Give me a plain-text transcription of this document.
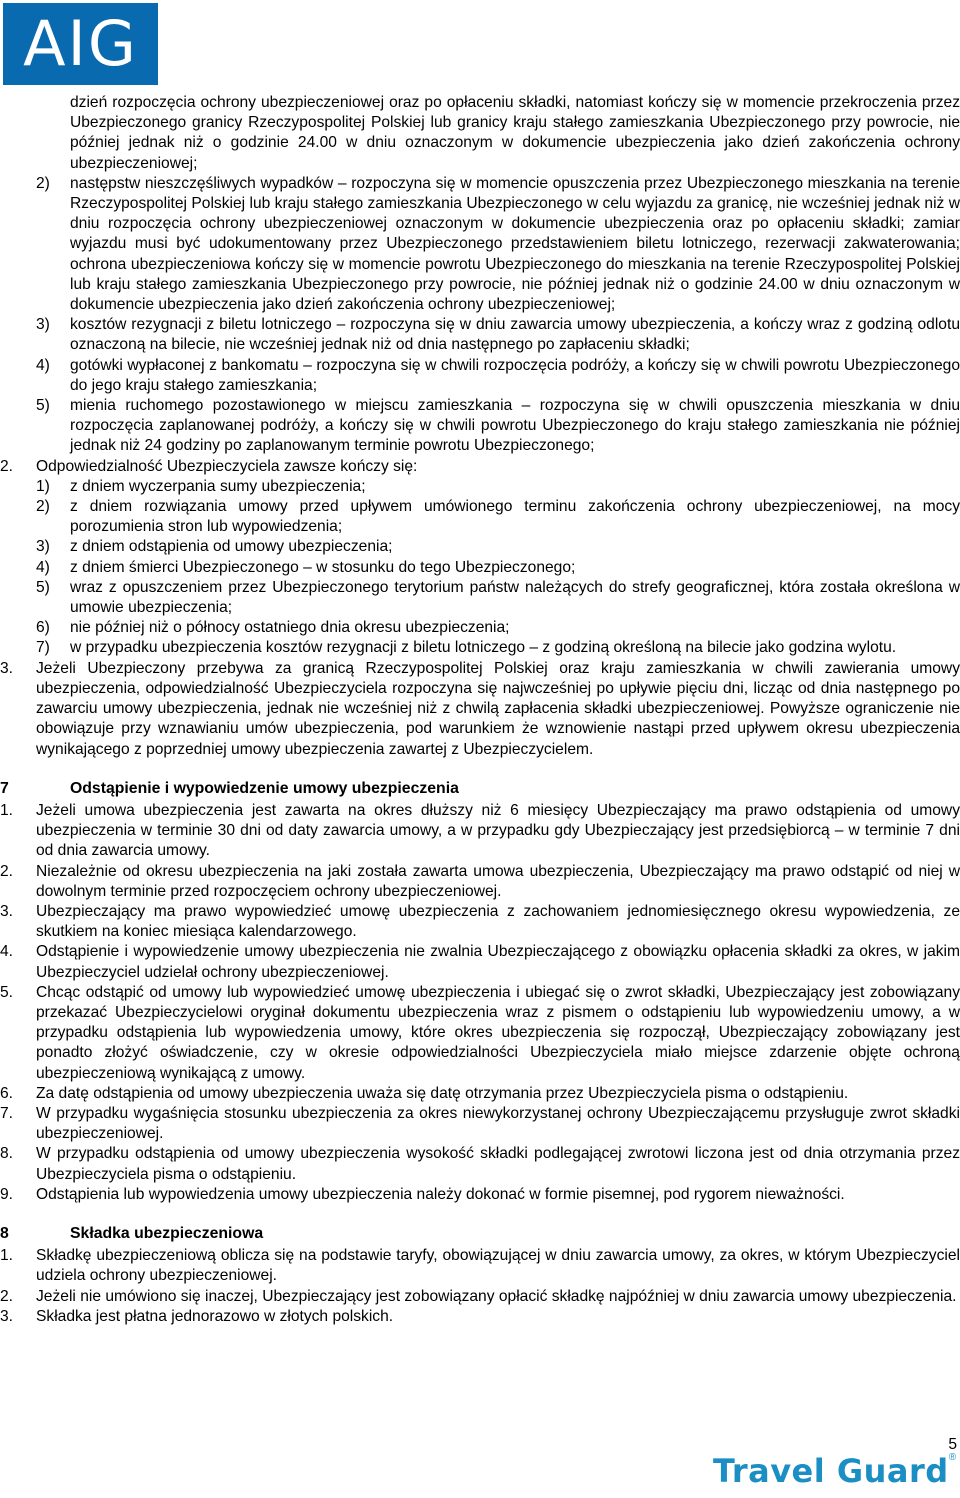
AIG
dzień rozpoczęcia ochrony ubezpieczeniowej oraz po opłaceniu składki, natomiast kończy się w momencie przekroczenia przez Ubezpieczonego granicy Rzeczypospolitej Polskiej lub granicy kraju stałego zamieszkania Ubezpieczonego przy powrocie, nie później jednak niż o godzinie 24.00 w dniu oznaczonym w dokumencie ubezpieczenia jako dzień zakończenia ochrony ubezpieczeniowej;
2)	następstw nieszczęśliwych wypadków – rozpoczyna się w momencie opuszczenia przez Ubezpieczonego mieszkania na terenie Rzeczypospolitej Polskiej lub kraju stałego zamieszkania Ubezpieczonego w celu wyjazdu za granicę, nie wcześniej jednak niż w dniu rozpoczęcia ochrony ubezpieczeniowej oznaczonym w dokumencie ubezpieczenia oraz po opłaceniu składki; zamiar wyjazdu musi być udokumentowany przez Ubezpieczonego przedstawieniem biletu lotniczego, rezerwacji zakwaterowania; ochrona ubezpieczeniowa kończy się w momencie powrotu Ubezpieczonego do mieszkania na terenie Rzeczypospolitej Polskiej lub kraju stałego zamieszkania Ubezpieczonego przy powrocie, nie później jednak niż o godzinie 24.00 w dniu oznaczonym w dokumencie ubezpieczenia jako dzień zakończenia ochrony ubezpieczeniowej;
3)	kosztów rezygnacji z biletu lotniczego – rozpoczyna się w dniu zawarcia umowy ubezpieczenia, a kończy wraz z godziną odlotu oznaczoną na bilecie, nie wcześniej jednak niż od dnia następnego po zapłaceniu składki;
4)	gotówki wypłaconej z bankomatu – rozpoczyna się w chwili rozpoczęcia podróży, a kończy się w chwili powrotu Ubezpieczonego do jego kraju stałego zamieszkania;
5)	mienia ruchomego pozostawionego w miejscu zamieszkania – rozpoczyna się w chwili opuszczenia mieszkania w dniu rozpoczęcia zaplanowanej podróży, a kończy się w chwili powrotu Ubezpieczonego do kraju stałego zamieszkania nie później jednak niż 24 godziny po zaplanowanym terminie powrotu Ubezpieczonego;
2.	Odpowiedzialność Ubezpieczyciela zawsze kończy się:
1)	z dniem wyczerpania sumy ubezpieczenia;
2)	z dniem rozwiązania umowy przed upływem umówionego terminu zakończenia ochrony ubezpieczeniowej, na mocy porozumienia stron lub wypowiedzenia;
3)	z dniem odstąpienia od umowy ubezpieczenia;
4)	z dniem śmierci Ubezpieczonego – w stosunku do tego Ubezpieczonego;
5)	wraz z opuszczeniem przez Ubezpieczonego terytorium państw należących do strefy geograficznej, która została określona w umowie ubezpieczenia;
6)	nie później niż o północy ostatniego dnia okresu ubezpieczenia;
7)	w przypadku ubezpieczenia kosztów rezygnacji z biletu lotniczego – z godziną określoną na bilecie jako godzina wylotu.
3.	Jeżeli Ubezpieczony przebywa za granicą Rzeczypospolitej Polskiej oraz kraju zamieszkania w chwili zawierania umowy ubezpieczenia, odpowiedzialność Ubezpieczyciela rozpoczyna się najwcześniej po upływie pięciu dni, licząc od dnia następnego po zawarciu umowy ubezpieczenia, jednak nie wcześniej niż z chwilą zapłacenia składki ubezpieczeniowej. Powyższe ograniczenie nie obowiązuje przy wznawianiu umów ubezpieczenia, pod warunkiem że wznowienie nastąpi przed upływem okresu ubezpieczenia wynikającego z poprzedniej umowy ubezpieczenia zawartej z Ubezpieczycielem.
7	Odstąpienie i wypowiedzenie umowy ubezpieczenia
1.	Jeżeli umowa ubezpieczenia jest zawarta na okres dłuższy niż 6 miesięcy Ubezpieczający ma prawo odstąpienia od umowy ubezpieczenia w terminie 30 dni od daty zawarcia umowy, a w przypadku gdy Ubezpieczający jest przedsiębiorcą – w terminie 7 dni od dnia zawarcia umowy.
2.	Niezależnie od okresu ubezpieczenia na jaki została zawarta umowa ubezpieczenia, Ubezpieczający ma prawo odstąpić od niej w dowolnym terminie przed rozpoczęciem ochrony ubezpieczeniowej.
3.	Ubezpieczający ma prawo wypowiedzieć umowę ubezpieczenia z zachowaniem jednomiesięcznego okresu wypowiedzenia, ze skutkiem na koniec miesiąca kalendarzowego.
4.	Odstąpienie i wypowiedzenie umowy ubezpieczenia nie zwalnia Ubezpieczającego z obowiązku opłacenia składki za okres, w jakim Ubezpieczyciel udzielał ochrony ubezpieczeniowej.
5.	Chcąc odstąpić od umowy lub wypowiedzieć umowę ubezpieczenia i ubiegać się o zwrot składki, Ubezpieczający jest zobowiązany przekazać Ubezpieczycielowi oryginał dokumentu ubezpieczenia wraz z pismem o odstąpieniu lub wypowiedzeniu umowy, a w przypadku odstąpienia lub wypowiedzenia umowy, które okres ubezpieczenia się rozpoczął, Ubezpieczający zobowiązany jest ponadto złożyć oświadczenie, czy w okresie odpowiedzialności Ubezpieczyciela miało miejsce zdarzenie objęte ochroną ubezpieczeniową wynikającą z umowy.
6.	Za datę odstąpienia od umowy ubezpieczenia uważa się datę otrzymania przez Ubezpieczyciela pisma o odstąpieniu.
7.	W przypadku wygaśnięcia stosunku ubezpieczenia za okres niewykorzystanej ochrony Ubezpieczającemu przysługuje zwrot składki ubezpieczeniowej.
8.	W przypadku odstąpienia od umowy ubezpieczenia wysokość składki podlegającej zwrotowi liczona jest od dnia otrzymania przez Ubezpieczyciela pisma o odstąpieniu.
9.	Odstąpienia lub wypowiedzenia umowy ubezpieczenia należy dokonać w formie pisemnej, pod rygorem nieważności.
8	Składka ubezpieczeniowa
1.	Składkę ubezpieczeniową oblicza się na podstawie taryfy, obowiązującej w dniu zawarcia umowy, za okres, w którym Ubezpieczyciel udziela ochrony ubezpieczeniowej.
2.	Jeżeli nie umówiono się inaczej, Ubezpieczający jest zobowiązany opłacić składkę najpóźniej w dniu zawarcia umowy ubezpieczenia.
3.	Składka jest płatna jednorazowo w złotych polskich.
5
Travel Guard®
